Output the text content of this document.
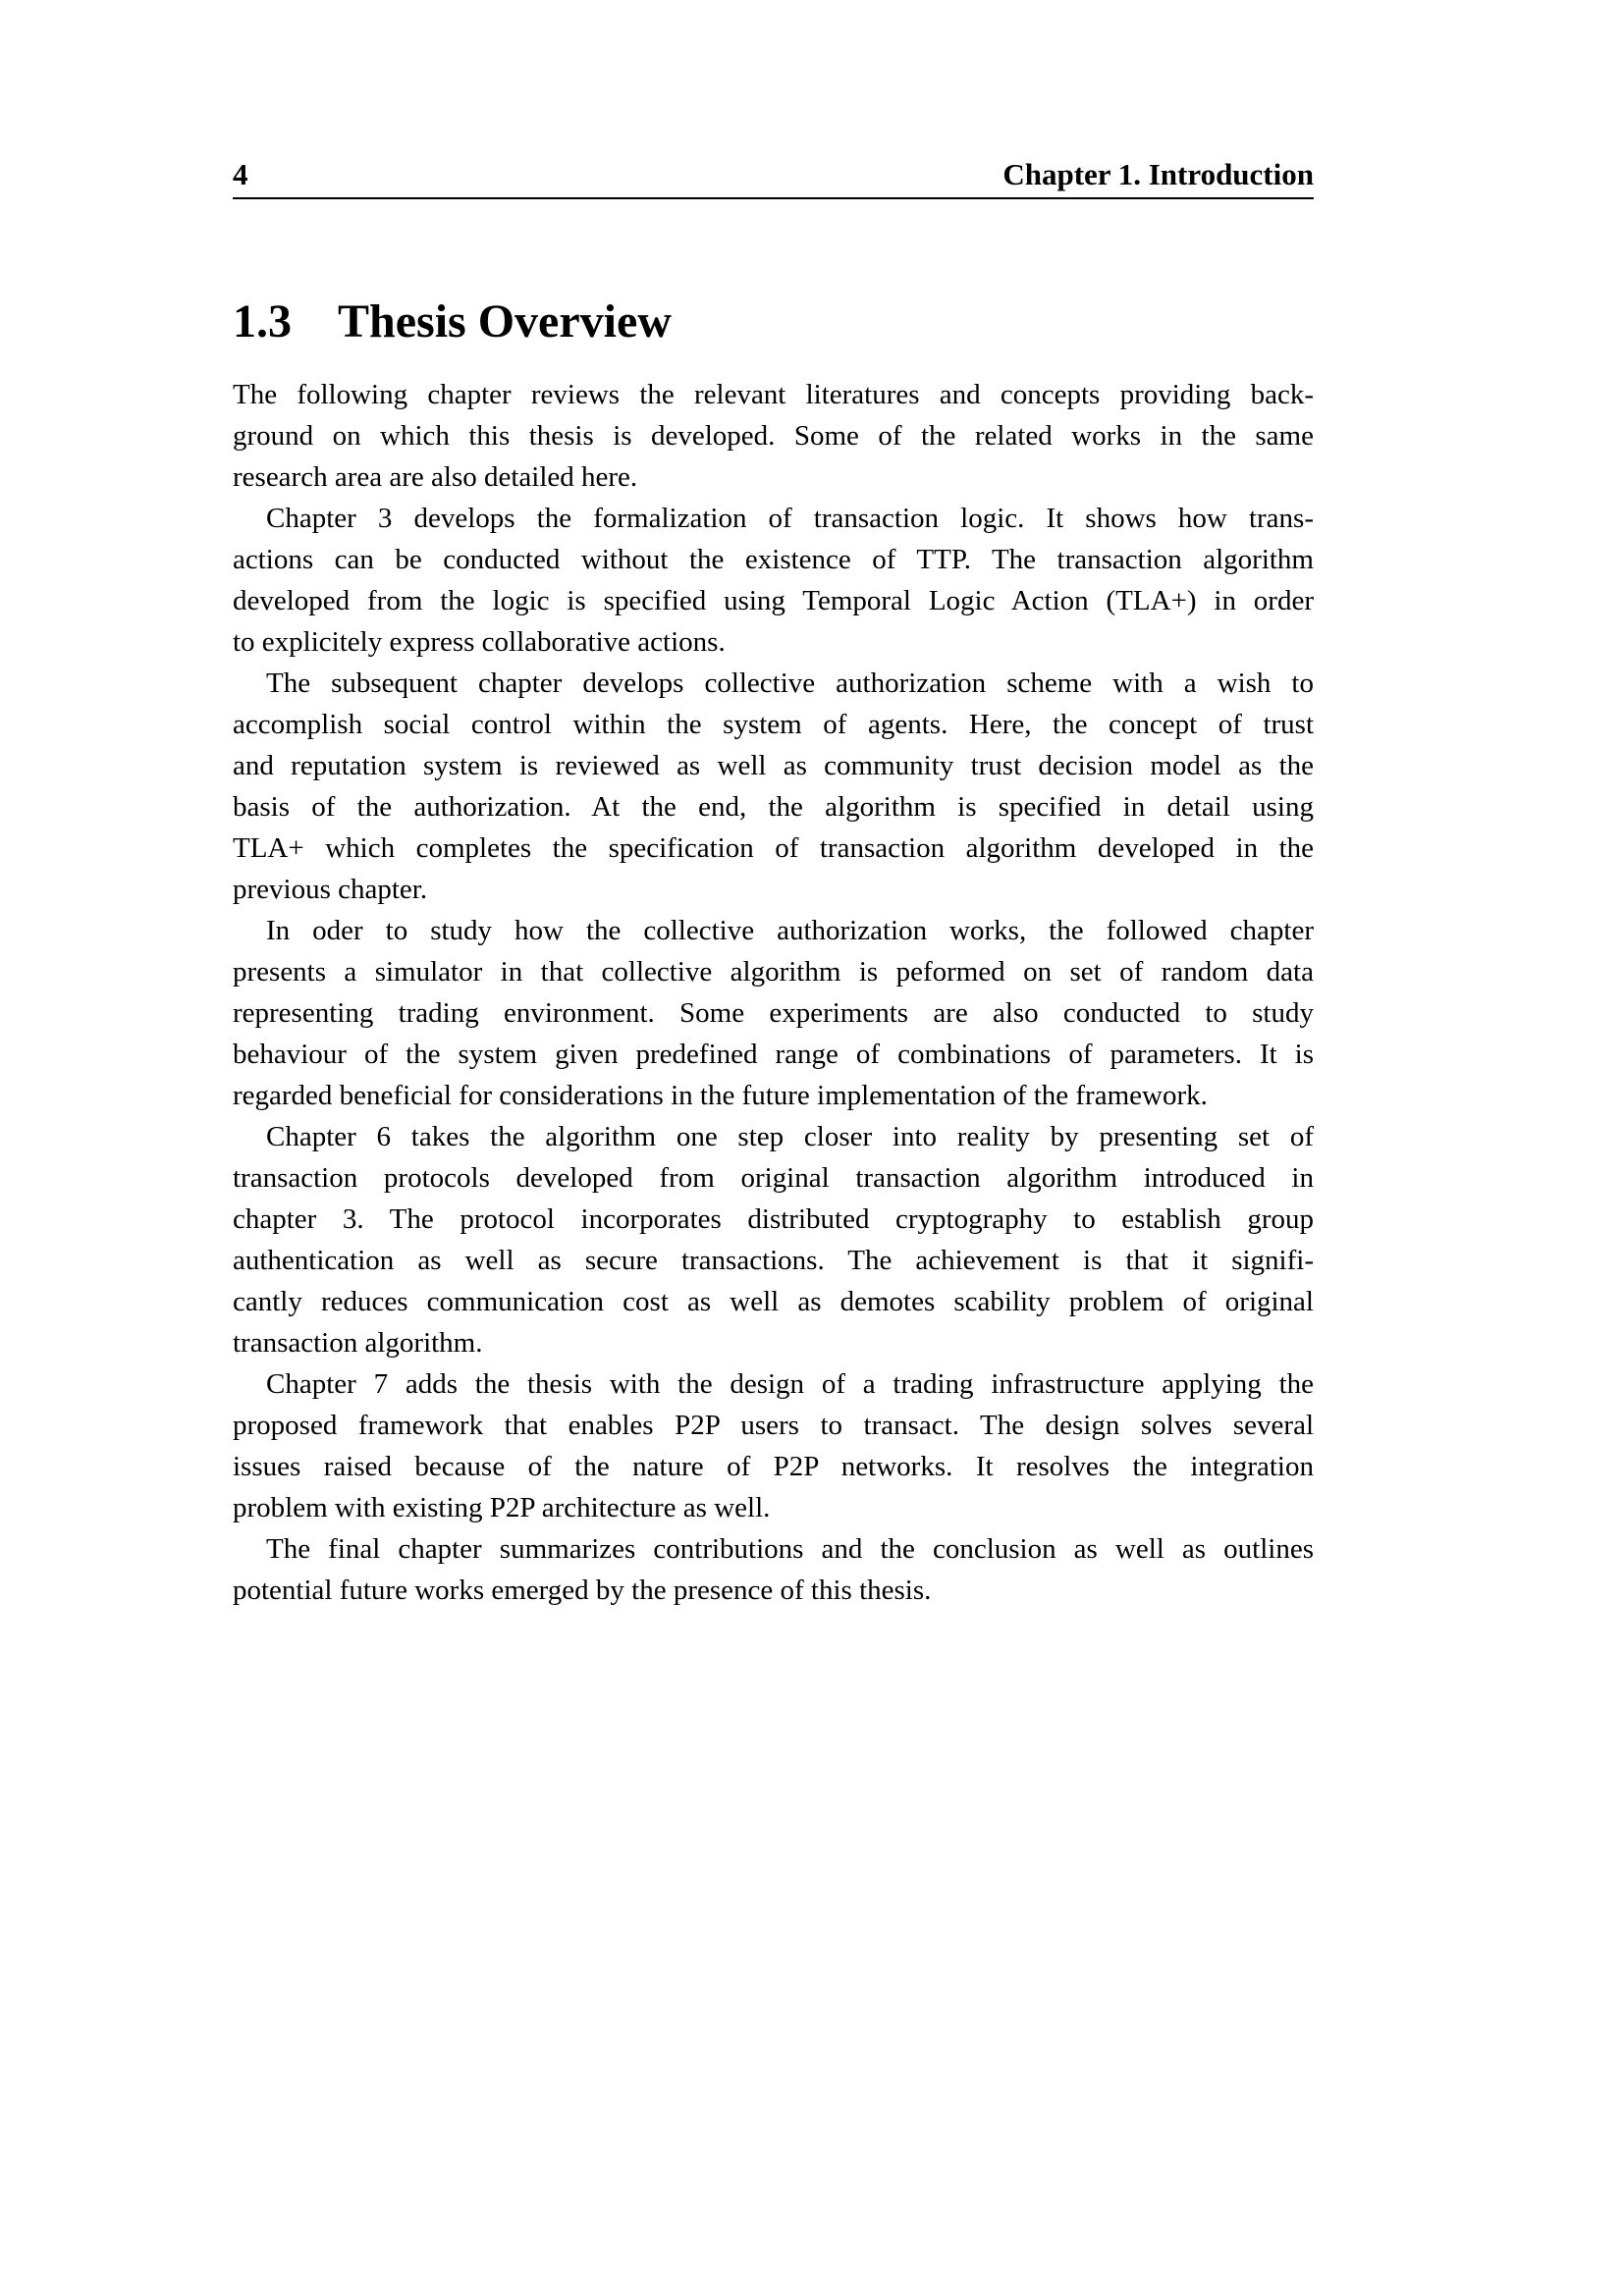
4	Chapter 1. Introduction
1.3 Thesis Overview
The following chapter reviews the relevant literatures and concepts providing back-
ground on which this thesis is developed. Some of the related works in the same
research area are also detailed here.
Chapter 3 develops the formalization of transaction logic. It shows how trans-
actions can be conducted without the existence of TTP. The transaction algorithm
developed from the logic is specified using Temporal Logic Action (TLA+) in order
to explicitely express collaborative actions.
The subsequent chapter develops collective authorization scheme with a wish to
accomplish social control within the system of agents. Here, the concept of trust
and reputation system is reviewed as well as community trust decision model as the
basis of the authorization. At the end, the algorithm is specified in detail using
TLA+ which completes the specification of transaction algorithm developed in the
previous chapter.
In oder to study how the collective authorization works, the followed chapter
presents a simulator in that collective algorithm is peformed on set of random data
representing trading environment. Some experiments are also conducted to study
behaviour of the system given predefined range of combinations of parameters. It is
regarded beneficial for considerations in the future implementation of the framework.
Chapter 6 takes the algorithm one step closer into reality by presenting set of
transaction protocols developed from original transaction algorithm introduced in
chapter 3. The protocol incorporates distributed cryptography to establish group
authentication as well as secure transactions. The achievement is that it signifi-
cantly reduces communication cost as well as demotes scability problem of original
transaction algorithm.
Chapter 7 adds the thesis with the design of a trading infrastructure applying the
proposed framework that enables P2P users to transact. The design solves several
issues raised because of the nature of P2P networks. It resolves the integration
problem with existing P2P architecture as well.
The final chapter summarizes contributions and the conclusion as well as outlines
potential future works emerged by the presence of this thesis.
